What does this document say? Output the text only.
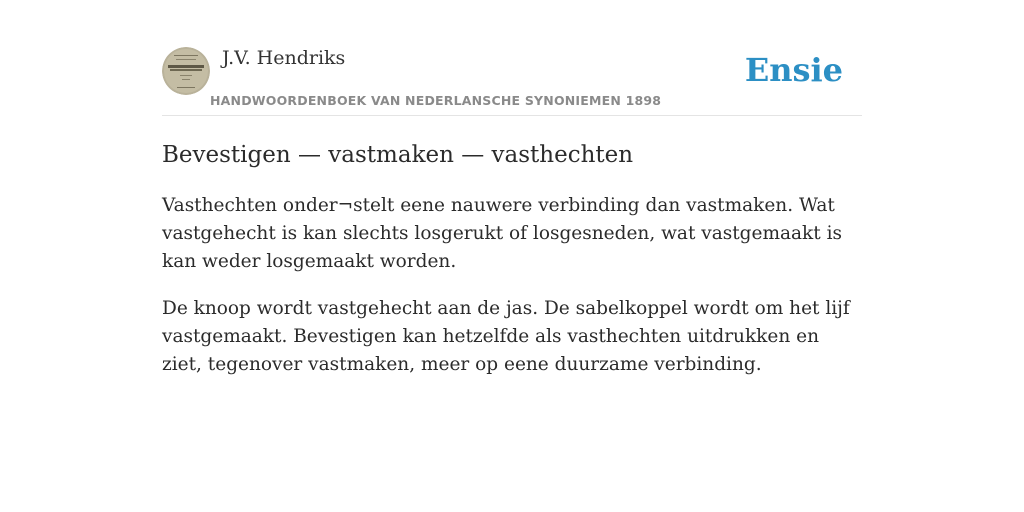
J.V. Hendriks
HANDWOORDENBOEK VAN NEDERLANSCHE SYNONIEMEN 1898
Ensie
Bevestigen — vastmaken — vasthechten

Vasthechten onder¬stelt eene nauwere verbinding dan vastmaken. Wat vastgehecht is kan slechts losgerukt of losgesneden, wat vastgemaakt is kan weder losgemaakt worden.

De knoop wordt vastgehecht aan de jas. De sabelkoppel wordt om het lijf vastgemaakt. Bevestigen kan hetzelfde als vasthechten uitdrukken en ziet, tegenover vastmaken, meer op eene duurzame verbinding.
